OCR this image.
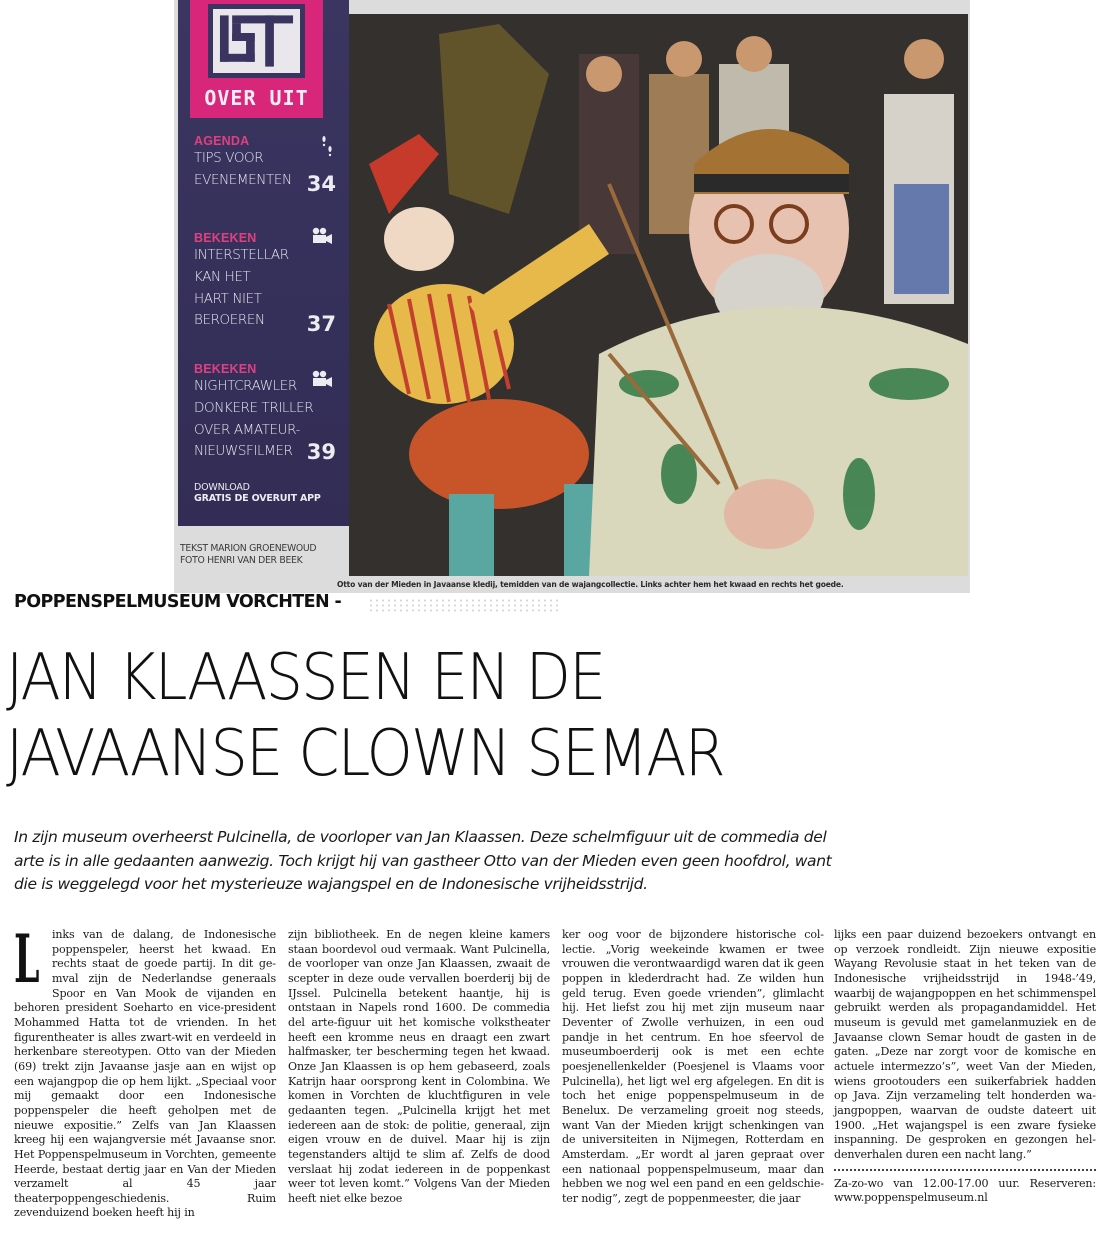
OVER UIT
AGENDA
TIPS VOOR
EVENEMENTEN 34
BEKEKEN
INTERSTELLAR
KAN HET
HART NIET
BEROEREN	37
BEKEKEN
NIGHTCRAWLER
DONKERE TRILLER
OVER AMATEUR-
NIEUWSFILMER 39
DOWNLOAD
GRATIS DE OVERUIT APP
TEKST MARION GROENEWOUD
FOTO HENRI VAN DER BEEK
Otto van der Mieden in Javaanse kledij, temidden van de wajangcollectie. Links achter hem het kwaad en rechts het goede.
POPPENSPELMUSEUM VORCHTEN -
JAN KLAASSEN EN DE
JAVAANSE CLOWN SEMAR

In zijn museum overheerst Pulcinella, de voorloper van Jan Klaassen. Deze schelmfiguur uit de commedia del arte is in alle gedaanten aanwezig. Toch krijgt hij van gastheer Otto van der Mieden even geen hoofdrol, want die is weggelegd voor het mysterieuze wajangspel en de Indonesische vrijheidsstrijd.

L inks van de dalang, de Indonesische poppenspeler, heerst het kwaad. En rechts staat de goede partij. In dit gemval zijn de Nederlandse generaals Spoor en Van Mook de vijanden en behoren president Soeharto en vice-president Mohammed Hatta tot de vrienden. In het figurentheater is alles zwart-wit en verdeeld in herkenbare stereotypen. Otto van der Mieden (69) trekt zijn Javaanse jasje aan en wijst op een wajangpop die op hem lijkt. „Speciaal voor mij gemaakt door een Indonesische poppenspeler die heeft geholpen met de nieuwe expositie.” Zelfs van Jan Klaassen kreeg hij een wajangversie mét Javaanse snor. Het Poppenspelmuseum in Vorchten, gemeente Heerde, bestaat dertig jaar en Van der Mieden verzamelt al 45 jaar theaterpoppengeschiedenis. Ruim zevenduizend boeken heeft hij in
zijn bibliotheek. En de negen kleine kamers staan boordevol oud vermaak. Want Pulcinella, de voorloper van onze Jan Klaassen, zwaait de scepter in deze oude vervallen boerderij bij de IJssel. Pulcinella betekent haantje, hij is ontstaan in Napels rond 1600. De commedia del arte-figuur uit het komische volkstheater heeft een kromme neus en draagt een zwart halfmasker, ter bescherming tegen het kwaad. Onze Jan Klaassen is op hem gebaseerd, zoals Katrijn haar oorsprong kent in Colombina. We komen in Vorchten de kluchtfiguren in vele gedaanten tegen. „Pulcinella krijgt het met iedereen aan de stok: de politie, generaal, zijn eigen vrouw en de duivel. Maar hij is zijn tegenstanders altijd te slim af. Zelfs de dood verslaat hij zodat iedereen in de poppenkast weer tot leven komt.” Volgens Van der Mieden heeft niet elke bezoe
ker oog voor de bijzondere historische collectie. „Vorig weekeinde kwamen er twee vrouwen die verontwaardigd waren dat ik geen poppen in klederdracht had. Ze wilden hun geld terug. Even goede vrienden”, glimlacht hij. Het liefst zou hij met zijn museum naar Deventer of Zwolle verhuizen, in een oud pandje in het centrum. En hoe sfeervol de museumboerderij ook is met een echte poesjenellenkelder (Poesjenel is Vlaams voor Pulcinella), het ligt wel erg afgelegen. En dit is toch het enige poppenspelmuseum in de Benelux. De verzameling groeit nog steeds, want Van der Mieden krijgt schenkingen van de universiteiten in Nijmegen, Rotterdam en Amsterdam. „Er wordt al jaren gepraat over een nationaal poppenspelmuseum, maar dan hebben we nog wel een pand en een geldschieter nodig”, zegt de poppenmeester, die jaar
lijks een paar duizend bezoekers ontvangt en op verzoek rondleidt. Zijn nieuwe expositie Wayang Revolusie staat in het teken van de Indonesische vrijheidsstrijd in 1948-’49, waarbij de wajangpoppen en het schimmenspel gebruikt werden als propagandamiddel. Het museum is gevuld met gamelanmuziek en de Javaanse clown Semar houdt de gasten in de gaten. „Deze nar zorgt voor de komische en actuele intermezzo’s”, weet Van der Mieden, wiens grootouders een suikerfabriek hadden op Java. Zijn verzameling telt honderden wajangpoppen, waarvan de oudste dateert uit 1900. „Het wajangspel is een zware fysieke inspanning. De gesproken en gezongen heldenverhalen duren een nacht lang.”
Za-zo-wo van 12.00-17.00 uur. Reserveren: www.poppenspelmuseum.nl
